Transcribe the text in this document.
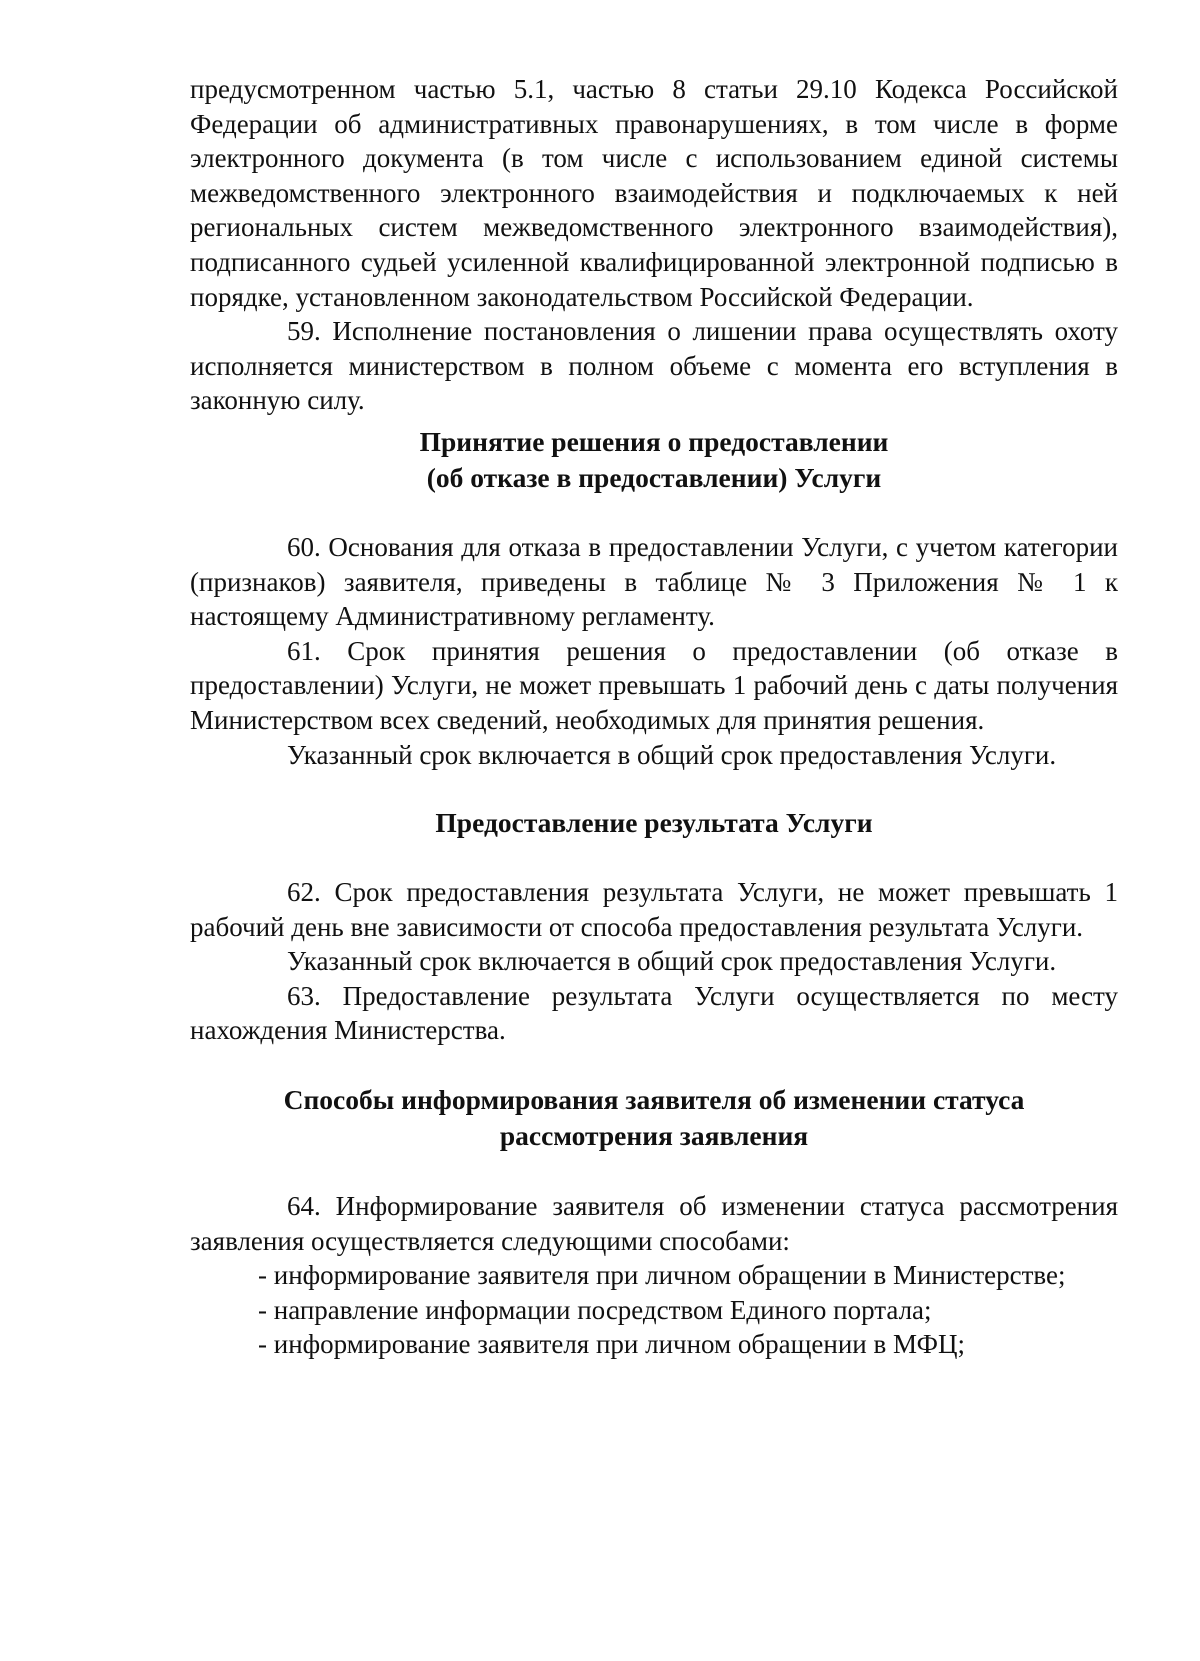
предусмотренном частью 5.1, частью 8 статьи 29.10 Кодекса Российской Федерации об административных правонарушениях, в том числе в форме электронного документа (в том числе с использованием единой системы межведомственного электронного взаимодействия и подключаемых к ней региональных систем межведомственного электронного взаимодействия), подписанного судьей усиленной квалифицированной электронной подписью в порядке, установленном законодательством Российской Федерации.

59. Исполнение постановления о лишении права осуществлять охоту исполняется министерством в полном объеме с момента его вступления в законную силу.

Принятие решения о предоставлении
(об отказе в предоставлении) Услуги

60. Основания для отказа в предоставлении Услуги, с учетом категории (признаков) заявителя, приведены в таблице № 3 Приложения № 1 к настоящему Административному регламенту.

61. Срок принятия решения о предоставлении (об отказе в предоставлении) Услуги, не может превышать 1 рабочий день с даты получения Министерством всех сведений, необходимых для принятия решения.

Указанный срок включается в общий срок предоставления Услуги.

Предоставление результата Услуги

62. Срок предоставления результата Услуги, не может превышать 1 рабочий день вне зависимости от способа предоставления результата Услуги.

Указанный срок включается в общий срок предоставления Услуги.

63. Предоставление результата Услуги осуществляется по месту нахождения Министерства.

Способы информирования заявителя об изменении статуса
рассмотрения заявления

64. Информирование заявителя об изменении статуса рассмотрения заявления осуществляется следующими способами:

- информирование заявителя при личном обращении в Министерстве;

- направление информации посредством Единого портала;

- информирование заявителя при личном обращении в МФЦ;
